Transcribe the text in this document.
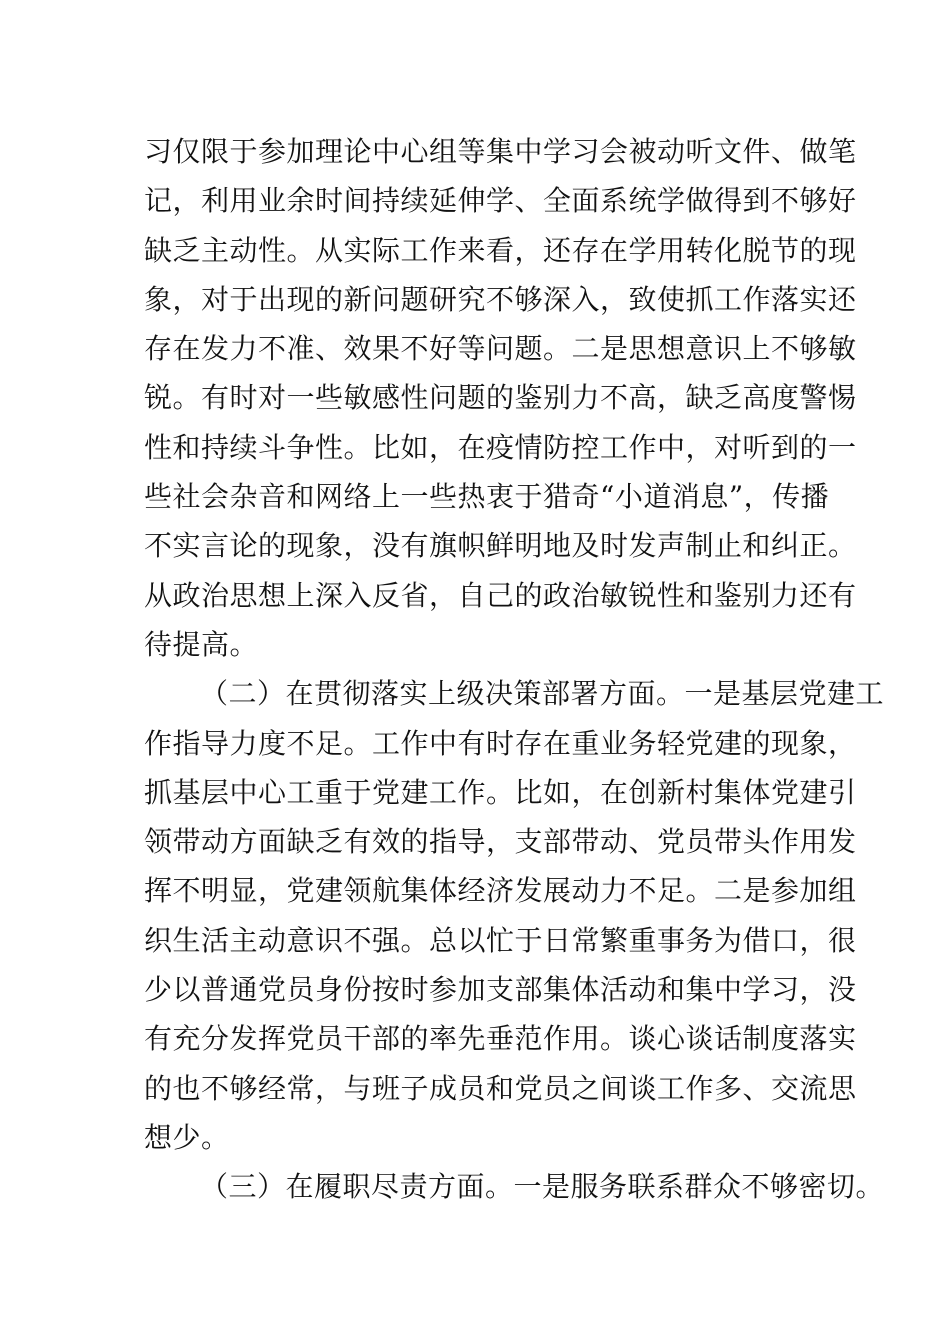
习仅限于参加理论中心组等集中学习会被动听文件、做笔
记，利用业余时间持续延伸学、全面系统学做得到不够好
缺乏主动性。从实际工作来看，还存在学用转化脱节的现
象，对于出现的新问题研究不够深入，致使抓工作落实还
存在发力不准、效果不好等问题。二是思想意识上不够敏
锐。有时对一些敏感性问题的鉴别力不高，缺乏高度警惕
性和持续斗争性。比如，在疫情防控工作中，对听到的一
些社会杂音和网络上一些热衷于猎奇“小道消息”，传播
不实言论的现象，没有旗帜鲜明地及时发声制止和纠正。
从政治思想上深入反省，自己的政治敏锐性和鉴别力还有
待提高。
（二）在贯彻落实上级决策部署方面。一是基层党建工
作指导力度不足。工作中有时存在重业务轻党建的现象，
抓基层中心工重于党建工作。比如，在创新村集体党建引
领带动方面缺乏有效的指导，支部带动、党员带头作用发
挥不明显，党建领航集体经济发展动力不足。二是参加组
织生活主动意识不强。总以忙于日常繁重事务为借口，很
少以普通党员身份按时参加支部集体活动和集中学习，没
有充分发挥党员干部的率先垂范作用。谈心谈话制度落实
的也不够经常，与班子成员和党员之间谈工作多、交流思
想少。
（三）在履职尽责方面。一是服务联系群众不够密切。
